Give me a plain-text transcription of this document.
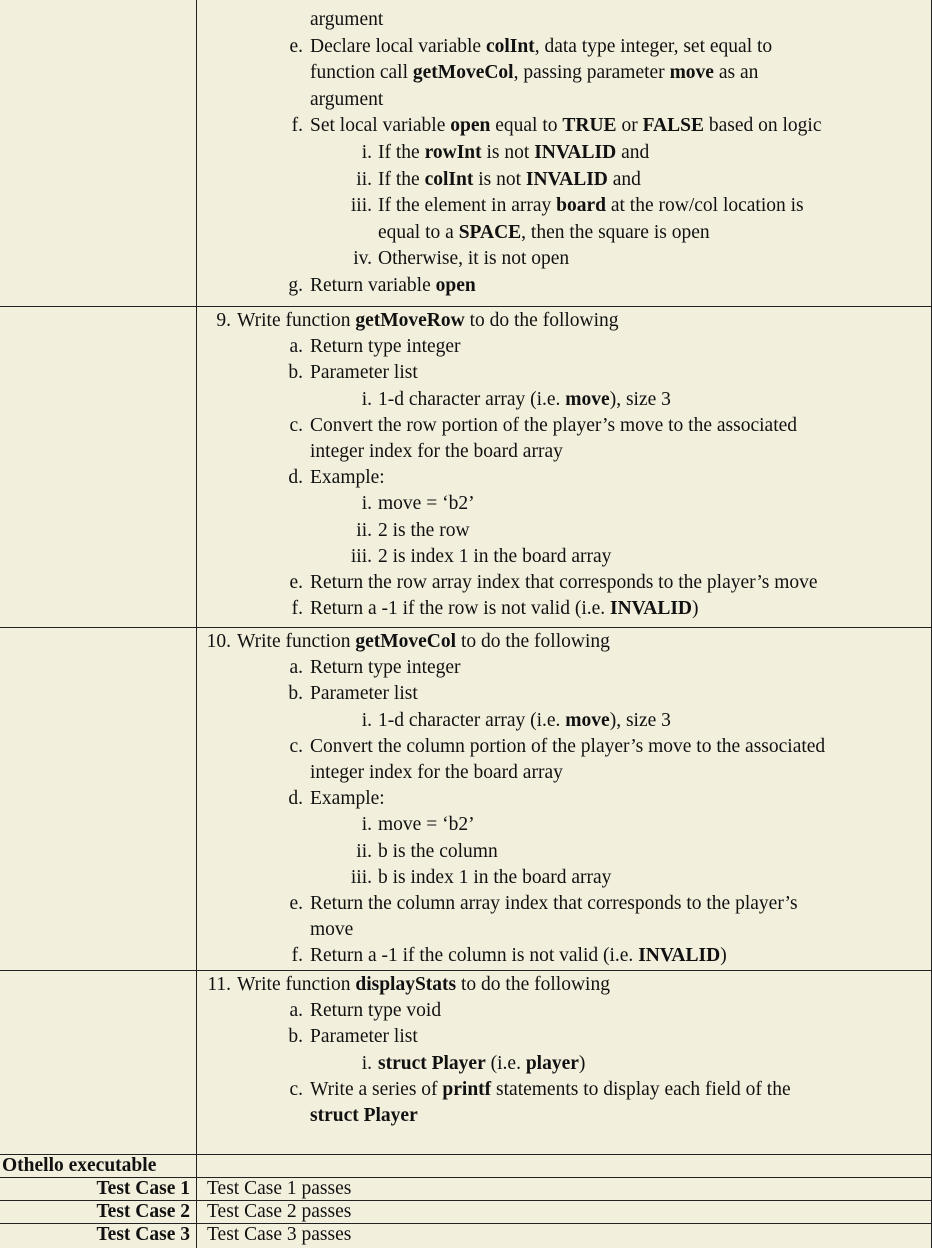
argument
e. Declare local variable colInt, data type integer, set equal to
function call getMoveCol, passing parameter move as an
argument
f. Set local variable open equal to TRUE or FALSE based on logic
i. If the rowInt is not INVALID and
ii. If the colInt is not INVALID and
iii. If the element in array board at the row/col location is
equal to a SPACE, then the square is open
iv. Otherwise, it is not open
g. Return variable open
9. Write function getMoveRow to do the following
a. Return type integer
b. Parameter list
i. 1-d character array (i.e. move), size 3
c. Convert the row portion of the player’s move to the associated
integer index for the board array
d. Example:
i. move = ‘b2’
ii. 2 is the row
iii. 2 is index 1 in the board array
e. Return the row array index that corresponds to the player’s move
f. Return a -1 if the row is not valid (i.e. INVALID)
10. Write function getMoveCol to do the following
a. Return type integer
b. Parameter list
i. 1-d character array (i.e. move), size 3
c. Convert the column portion of the player’s move to the associated
integer index for the board array
d. Example:
i. move = ‘b2’
ii. b is the column
iii. b is index 1 in the board array
e. Return the column array index that corresponds to the player’s
move
f. Return a -1 if the column is not valid (i.e. INVALID)
11. Write function displayStats to do the following
a. Return type void
b. Parameter list
i. struct Player (i.e. player)
c. Write a series of printf statements to display each field of the
struct Player
Othello executable
Test Case 1 Test Case 1 passes
Test Case 2 Test Case 2 passes
Test Case 3 Test Case 3 passes
